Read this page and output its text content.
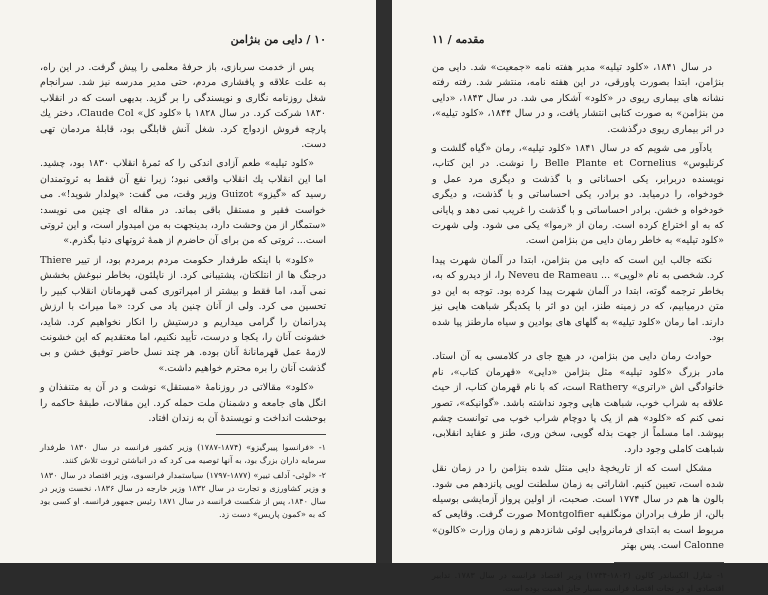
۱۰ / دایی من بنژامن

پس از خدمت سربازی، باز حرفهٔ معلمی را پیش گرفت. در این راه، به علت علاقه و پافشاری مردم، حتی مدیر مدرسه نیز شد. سرانجام شغل روزنامه نگاری و نویسندگی را بر گزید. بدیهی است که در انقلاب ۱۸۳۰ شرکت کرد. در سال ۱۸۲۸ با «کلود کل» Claude Col، دختر یك پارچه فروش ازدواج کرد. شغل آنش قابلگی بود، قابلهٔ مردمان تهی دست.

«کلود تیلیه» طعم آزادی اندکی را که ثمرهٔ انقلاب ۱۸۳۰ بود، چشید. اما این انقلاب یك انقلاب واقعی نبود؛ زیرا نفع آن فقط به ثروتمندان رسید که «گیزو» Guizot وزیر وقت، می گفت: «پولدار شوید!». می خواست فقیر و مستقل باقی بماند. در مقاله ای چنین می نویسد: «ستمگار از من وحشت دارد، بدینجهت به من امیدوار است، و این ثروتی است... ثروتی که من برای آن حاضرم از همهٔ ثروتهای دنیا بگذرم.»

«کلود» با اینکه طرفدار حکومت مردم برمردم بود، از تییر Thiere درجنگ ها از انتلکتان، پشتیبانی کرد. از ناپلئون، بخاطر نبوغش بخشش نمی آمد، اما فقط و بیشتر از امپراتوری کمی قهرمانان انقلاب کبیر را تحسین می کرد. ولی از آنان چنین یاد می کرد: «ما میراث با ارزش پدرانمان را گرامی میداریم و درستیش را انکار نخواهیم کرد. شاید، خشونت آنان را، یکجا و درست، تأیید نکنیم، اما معتقدیم که این خشونت لازمهٔ عمل قهرمانانهٔ آنان بوده. هر چند نسل حاضر توفیق خشن و بی گذشت آنان را بره محترم خواهیم داشت.»

«کلود» مقالاتی در روزنامهٔ «مستقل» نوشت و در آن به متنفذان و انگل های جامعه و دشمنان ملت حمله کرد. این مقالات، طبقهٔ حاکمه را بوحشت انداخت و نویسندهٔ آن به زندان افتاد.

۱- «فرانسوا پییرگیزو» (۱۸۷۴-۱۷۸۷) وزیر کشور فرانسه در سال ۱۸۳۰ طرفدار سرمایه داران بزرگ بود، به آنها توصیه می کرد که در انباشتن ثروت تلاش کنند.

۲- «لوئی- آدلف تییر» (۱۸۷۷-۱۷۹۷) سیاستمدار فرانسوی، وزیر اقتصاد در سال ۱۸۳۰ و وزیر کشاورزی و تجارت در سال ۱۸۳۲ وزیر خارجه در سال ۱۸۳۶، نخست وزیر در سال ۱۸۴۰، پس از شکست فرانسه در سال ۱۸۷۱ رئیس جمهور فرانسه. او کسی بود که به «کمون پاریس» دست زد.

مقدمه / ۱۱

در سال ۱۸۴۱، «کلود تیلیه» مدیر هفته نامه «جمعیت» شد. دایی من بنژامن، ابتدا بصورت پاورقی، در این هفته نامه، منتشر شد. رفته رفته نشانه های بیماری ریوی در «کلود» آشکار می شد. در سال ۱۸۴۳، «دایی من بنژامن» به صورت کتابی انتشار یافت، و در سال ۱۸۴۴، «کلود تیلیه»، در اثر بیماری ریوی درگذشت.

یادآور می شویم که در سال ۱۸۴۱ «کلود تیلیه»، رمان «گیاه گلشت و کرنلیوس» Belle Plante et Cornelius را نوشت. در این کتاب، نویسنده دربرابر، یکی احساناتی و با گذشت و دیگری مرد عمل و خودخواه، را درمیابد. دو برادر، یکی احساساتی و با گذشت، و دیگری خودخواه و خشن. برادر احساساتی و با گذشت را غریب نمی دهد و پایانی که به او اختراع کرده است. رمان از «رموا» یکی می شود. ولی شهرت «کلود تیلیه» به خاطر رمان دایی من بنژامن است.

نکته جالب این است که دایی من بنژامن، ابتدا در آلمان شهرت پیدا کرد. شخصی به نام «لویی» ... Neveu de Rameau را، از دیدرو که به، بخاطر ترجمه گوته، ابتدا در آلمان شهرت پیدا کرده بود. توجه به این دو متن درمیابیم، که در زمینه طنز، این دو اثر با یکدیگر شباهت هایی نیز دارند. اما رمان «کلود تیلیه» به گلهای های بوادین و سیاه مارطنز پیا شده بود.

حوادث رمان دایی من بنژامن، در هیچ جای در کلامسی به آن استاد. مادر بزرگ «کلود تیلیه» مثل بنژامن «دایی» «قهرمان کتاب»، نام خانوادگی اش «راتری» Rathery است، که با نام قهرمان کتاب، از حیث علاقه به شراب خوب، شباهت هایی وجود نداشته باشد. «گوانیکه»، تصور نمی کنم که «کلود» هم از یک پا دوچام شراب خوب می توانست چشم بپوشد. اما مسلماً از جهت بذله گویی، سخن وری، طنز و عقاید انقلابی، شباهت کاملی وجود دارد.

مشکل است که از تاریخچهٔ دایی منثل شده بنژامن را در زمان نقل شده است، تعیین کنیم. اشاراتی به زمان سلطنت لویی پانزدهم می شود. بالون ها هم در سال ۱۷۷۴ است. صحبت، از اولین پرواز آزمایشی بوسیله بالن، از طرف برادران مونگلفیه Montgolfier صورت گرفت. وقایعی که مربوط است به ابتدای فرمانروایی لوئی شانزدهم و زمان وزارت «کالون» Calonne است. پس بهتر

۱- شارل الکساندر کالون (۱۸۰۲-۱۷۳۴) وزیر اقتصاد فرانسه در سال ۱۷۸۳. تدابیر اقتصادی او در نجات اقتصاد فرانسه بسیار حایز اهمیت بوده است.
